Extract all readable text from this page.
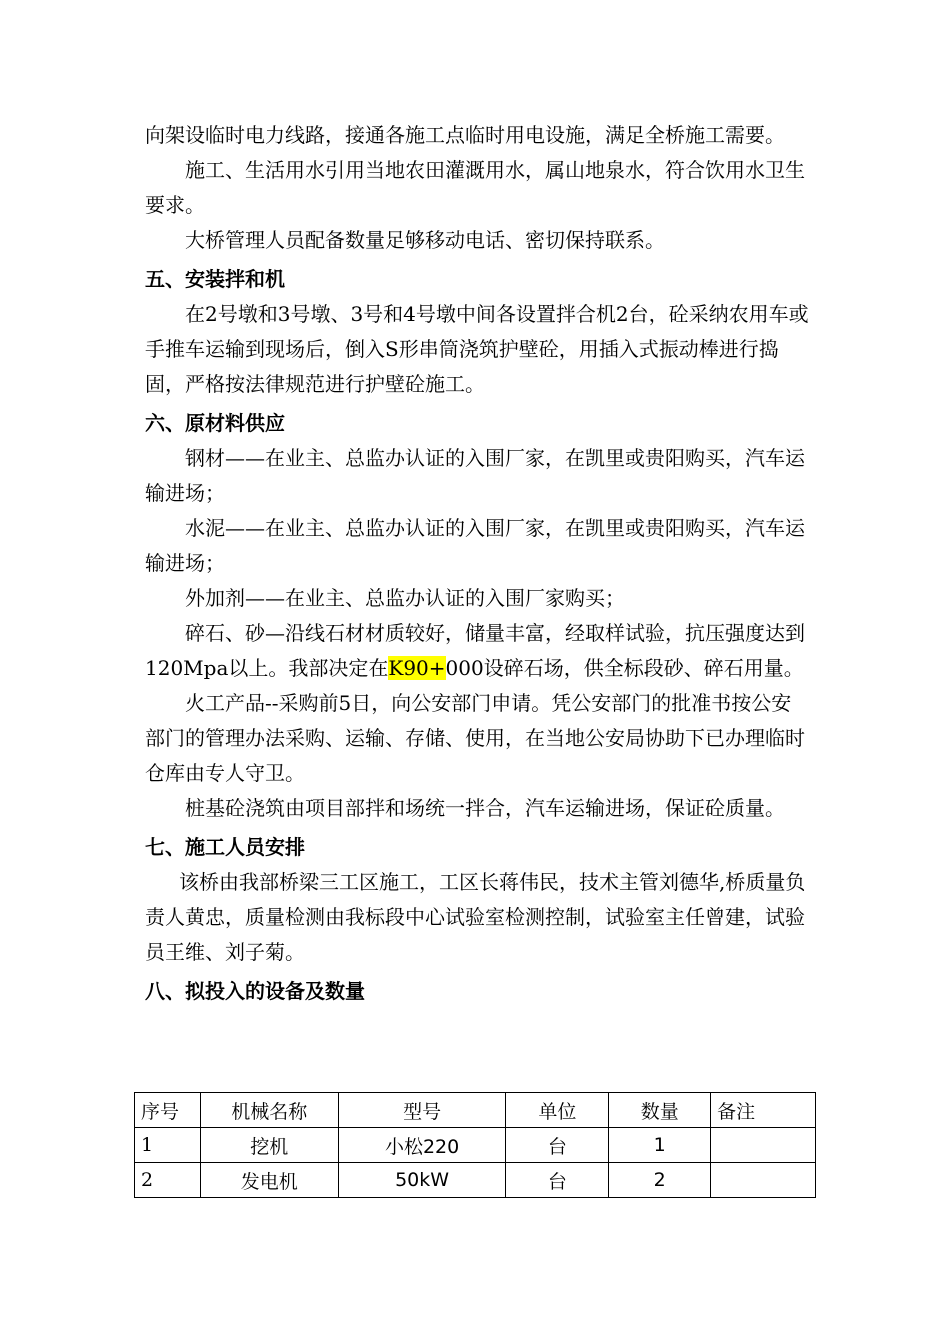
向架设临时电力线路，接通各施工点临时用电设施，满足全桥施工需要。

施工、生活用水引用当地农田灌溉用水，属山地泉水，符合饮用水卫生要求。

大桥管理人员配备数量足够移动电话、密切保持联系。

五、安装拌和机

在2号墩和3号墩、3号和4号墩中间各设置拌合机2台，砼采纳农用车或手推车运输到现场后，倒入S形串筒浇筑护壁砼，用插入式振动棒进行捣固，严格按法律规范进行护壁砼施工。

六、原材料供应

钢材——在业主、总监办认证的入围厂家，在凯里或贵阳购买，汽车运输进场；

水泥——在业主、总监办认证的入围厂家，在凯里或贵阳购买，汽车运输进场；

外加剂——在业主、总监办认证的入围厂家购买；

碎石、砂—沿线石材材质较好，储量丰富，经取样试验，抗压强度达到120Mpa以上。我部决定在K90+000设碎石场，供全标段砂、碎石用量。

火工产品--采购前5日，向公安部门申请。凭公安部门的批准书按公安部门的管理办法采购、运输、存储、使用，在当地公安局协助下已办理临时仓库由专人守卫。

桩基砼浇筑由项目部拌和场统一拌合，汽车运输进场，保证砼质量。

七、施工人员安排

该桥由我部桥梁三工区施工，工区长蒋伟民，技术主管刘德华,桥质量负责人黄忠，质量检测由我标段中心试验室检测控制，试验室主任曾建，试验员王维、刘子菊。

八、拟投入的设备及数量
序号	机械名称	型号	单位	数量	备注
1	挖机	小松220	台	1	
2	发电机	50kW	台	2	
